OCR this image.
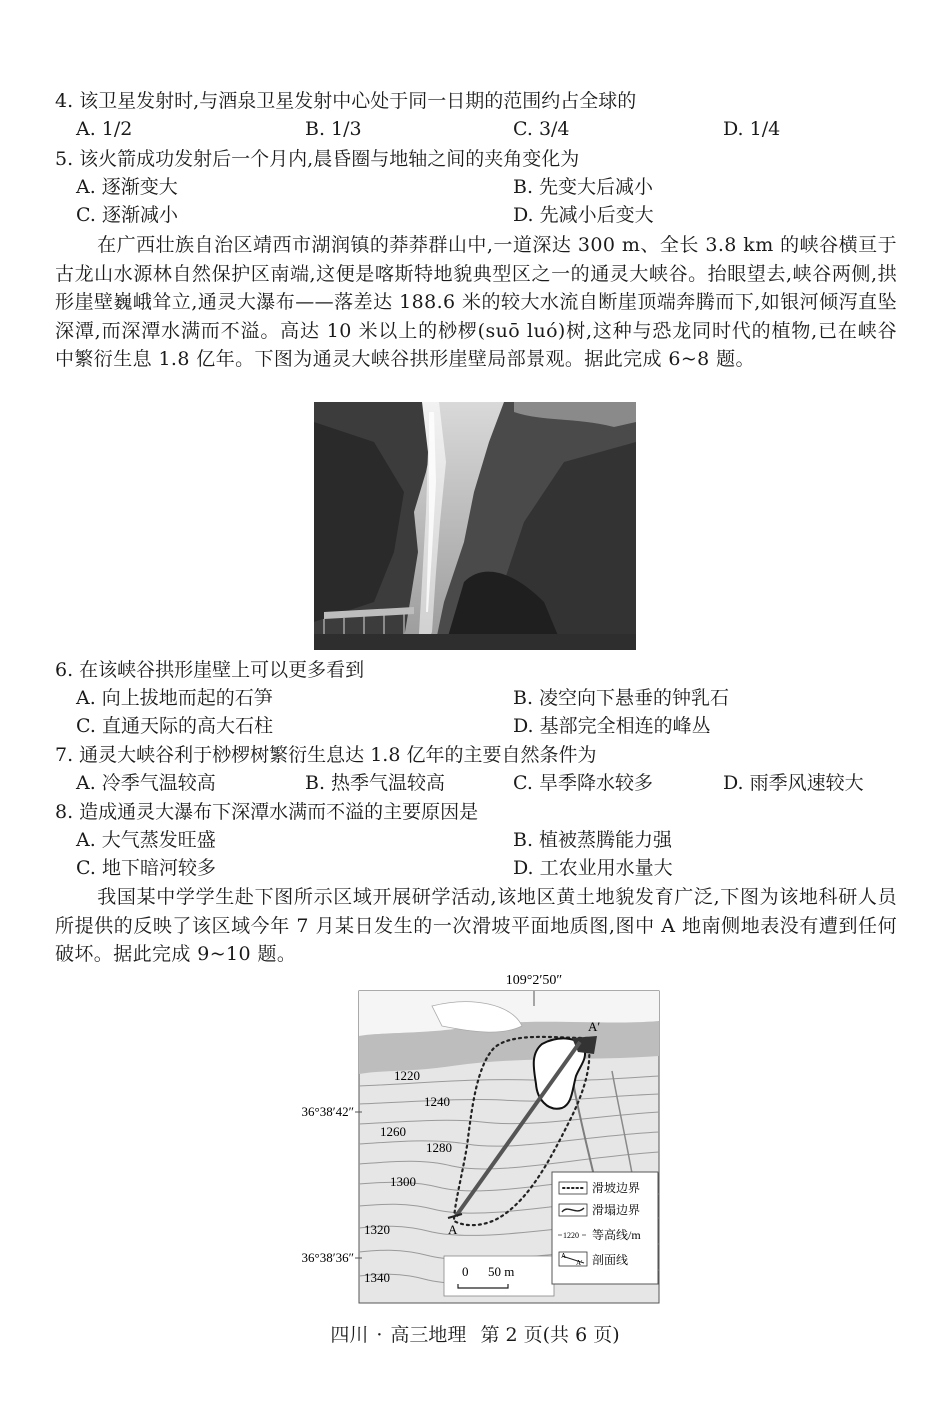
4. 该卫星发射时,与酒泉卫星发射中心处于同一日期的范围约占全球的
A. 1/2	B. 1/3	C. 3/4	D. 1/4
5. 该火箭成功发射后一个月内,晨昏圈与地轴之间的夹角变化为
A. 逐渐变大	B. 先变大后减小
C. 逐渐减小	D. 先减小后变大
在广西壮族自治区靖西市湖润镇的莽莽群山中,一道深达 300 m、全长 3.8 km 的峡谷横亘于古龙山水源林自然保护区南端,这便是喀斯特地貌典型区之一的通灵大峡谷。抬眼望去,峡谷两侧,拱形崖壁巍峨耸立,通灵大瀑布——落差达 188.6 米的较大水流自断崖顶端奔腾而下,如银河倾泻直坠深潭,而深潭水满而不溢。高达 10 米以上的桫椤(suō luó)树,这种与恐龙同时代的植物,已在峡谷中繁衍生息 1.8 亿年。下图为通灵大峡谷拱形崖壁局部景观。据此完成 6~8 题。
6. 在该峡谷拱形崖壁上可以更多看到
A. 向上拔地而起的石笋	B. 凌空向下悬垂的钟乳石
C. 直通天际的高大石柱	D. 基部完全相连的峰丛
7. 通灵大峡谷利于桫椤树繁衍生息达 1.8 亿年的主要自然条件为
A. 冷季气温较高	B. 热季气温较高	C. 旱季降水较多	D. 雨季风速较大
8. 造成通灵大瀑布下深潭水满而不溢的主要原因是
A. 大气蒸发旺盛	B. 植被蒸腾能力强
C. 地下暗河较多	D. 工农业用水量大
我国某中学学生赴下图所示区域开展研学活动,该地区黄土地貌发育广泛,下图为该地科研人员所提供的反映了该区域今年 7 月某日发生的一次滑坡平面地质图,图中 A 地南侧地表没有遭到任何破坏。据此完成 9~10 题。
109°2′50″
A′
A
1220
1240
1260
1280
1300
1320
1340
36°38′42″
36°38′36″
0 50 m
滑坡边界
滑塌边界
1220 等高线/m
A
A′ 剖面线
四川 · 高三地理 第 2 页(共 6 页)
